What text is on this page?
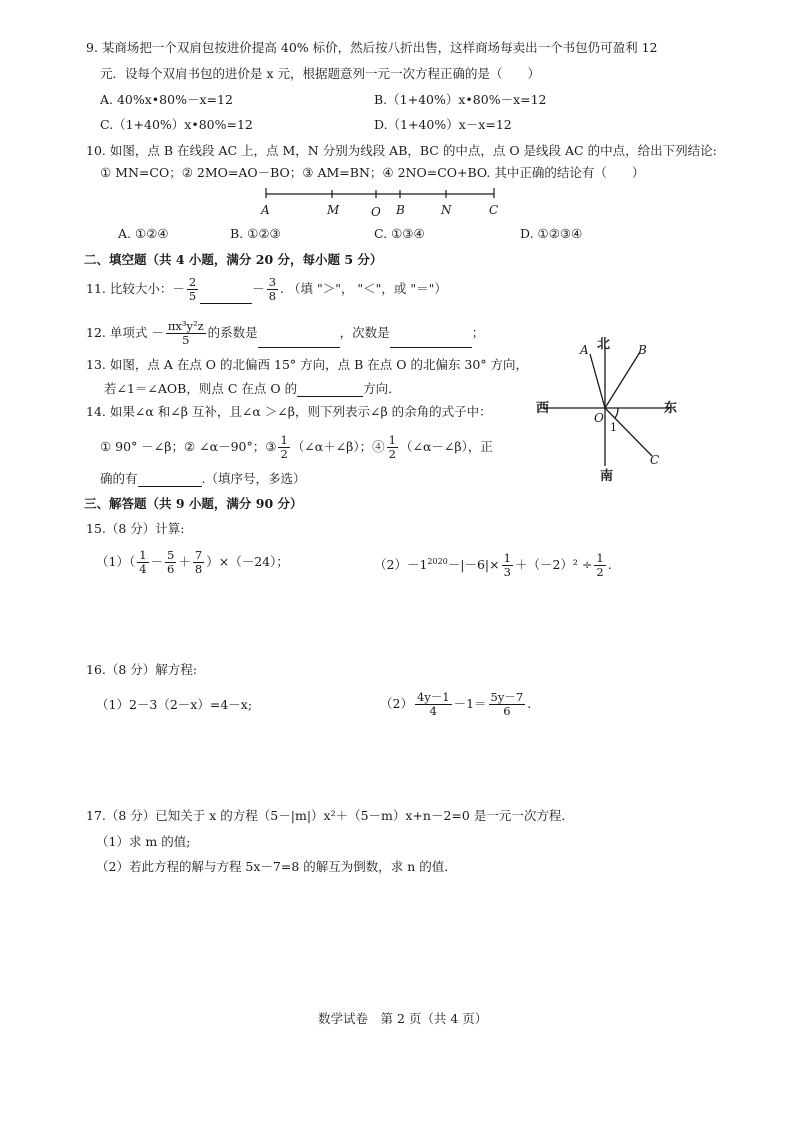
9. 某商场把一个双肩包按进价提高 40% 标价，然后按八折出售，这样商场每卖出一个书包仍可盈利 12
元．设每个双肩书包的进价是 x 元，根据题意列一元一次方程正确的是（　　）
A. 40%x•80%－x=12	B.（1+40%）x•80%－x=12
C.（1+40%）x•80%=12	D.（1+40%）x－x=12
10. 如图，点 B 在线段 AC 上，点 M，N 分别为线段 AB，BC 的中点，点 O 是线段 AC 的中点，给出下列结论:
① MN=CO；② 2MO=AO－BO；③ AM=BN；④ 2NO=CO+BO. 其中正确的结论有（　　）
A	M	O B	N	C
A. ①②④	B. ①②③	C. ①③④	D. ①②③④
二、填空题（共 4 小题，满分 20 分，每小题 5 分）
11. 比较大小：－ $\frac{2}{5}$	－ $\frac{3}{8}$ . （填 "＞"， "＜"，或 "＝"）
12. 单项式 － $\frac{\text{πx³y²z}}{5}$ 的系数是	，次数是	；
13. 如图，点 A 在点 O 的北偏西 15° 方向，点 B 在点 O 的北偏东 30° 方向，
若∠1＝∠AOB，则点 C 在点 O 的	方向．
北
南
西	东
A	B
C
O
1
14. 如果∠α 和∠β 互补，且∠α ＞∠β，则下列表示∠β 的余角的式子中：
① 90° －∠β；② ∠α－90°；③ $\frac{1}{2}$ （∠α＋∠β）；④ $\frac{1}{2}$ （∠α－∠β），正
确的有	.（填序号，多选）
三、解答题（共 9 小题，满分 90 分）
15.（8 分）计算:
$(1)( \frac{1}{4} - \frac{5}{6} + \frac{7}{8} )\times(-24)$；	$(2)-1^{2020}-|-6|\times \frac{1}{3} +(-2)^2 \div \frac{1}{2}$ .
16.（8 分）解方程:
（1）2－3（2－x）=4－x;	$(2) \frac{4y-1}{4} -1= \frac{5y-7}{6}$ .
17.（8 分）已知关于 x 的方程（5－|m|）x²＋（5－m）x+n－2=0 是一元一次方程．
（1）求 m 的值;
（2）若此方程的解与方程 5x－7=8 的解互为倒数，求 n 的值．
数学试卷　第 2 页（共 4 页）
